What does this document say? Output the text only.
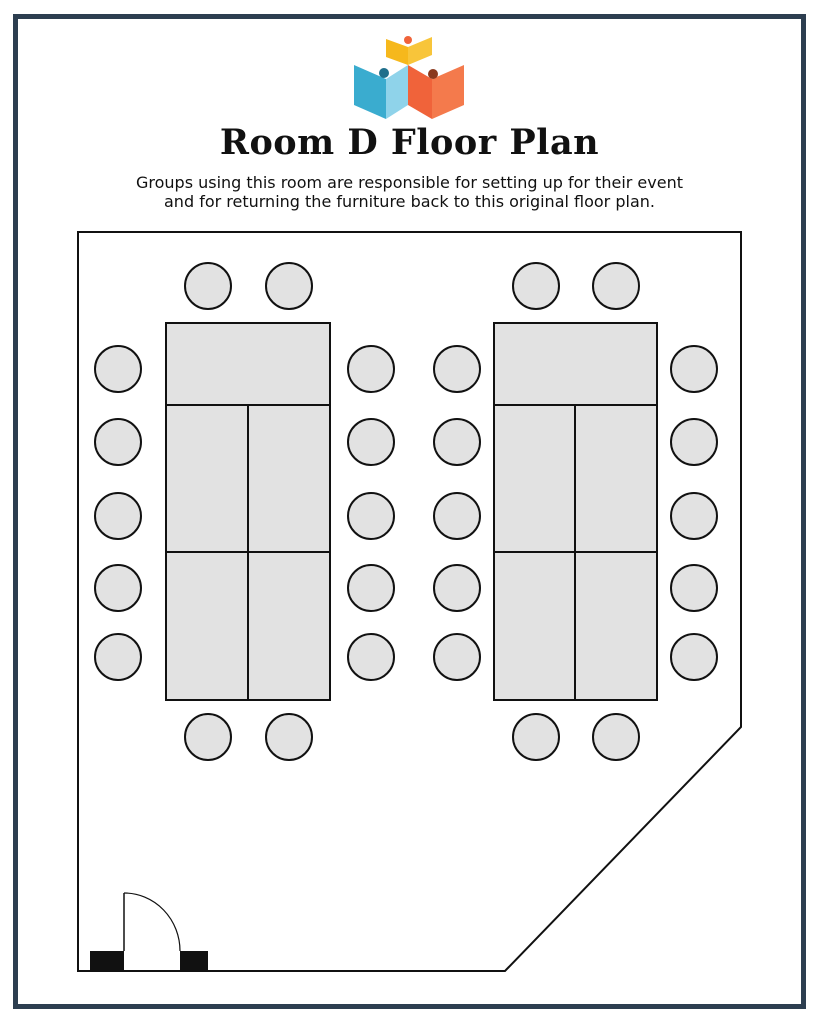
Room D Floor Plan
Groups using this room are responsible for setting up for their event
and for returning the furniture back to this original floor plan.
